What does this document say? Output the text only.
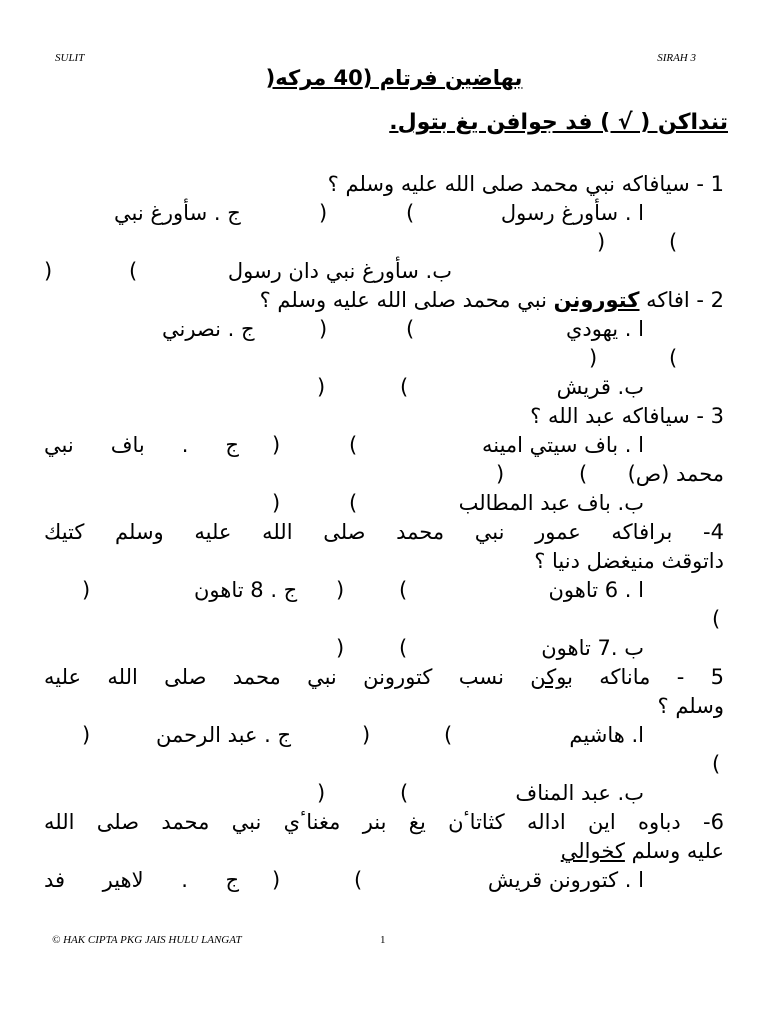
SULIT	SIRAH 3
بهاضين فرتام (40 مركه(
تنداكن ( √ ) فد جوافن يغ بتول.
1 - سيافاكه نبي محمد صلى الله عليه وسلم ؟
ا . سأورغ رسول
(
)
ج . سأورغ نبي
(
)
ب. سأورغ نبي دان رسول
(
)
2 - افاكه كتورونن نبي محمد صلى الله عليه وسلم ؟
ا . يهودي
(
)
ج . نصرني
(
)
ب. قريش
(
)
3 - سيافاكه عبد الله ؟
ا . باف سيتي امينه
(
)
ج . باف نبي
محمد (ص)
(
)
ب. باف عبد المطالب
(
)
4- برافاكه عمور نبي محمد صلى الله عليه وسلم كتيك
داتوقث منيغضل دنيا ؟
ا . 6 تاهون
(
)
ج . 8 تاهون
)
(
ب .7 تاهون
(
)
5 - ماناكه بوكن نسب كتورونن نبي محمد صلى الله عليه
وسلم ؟
ا. هاشيم
(
)
ج . عبد الرحمن
)
(
ب. عبد المناف
(
)
6- دباوه اين اداله كثاتاٴن يغ بنر مغناٴي نبي محمد صلى الله
عليه وسلم كخوالي
ا . كتورونن قريش
(
)
ج . لاهير فد
© HAK CIPTA PKG JAIS HULU LANGAT	1
